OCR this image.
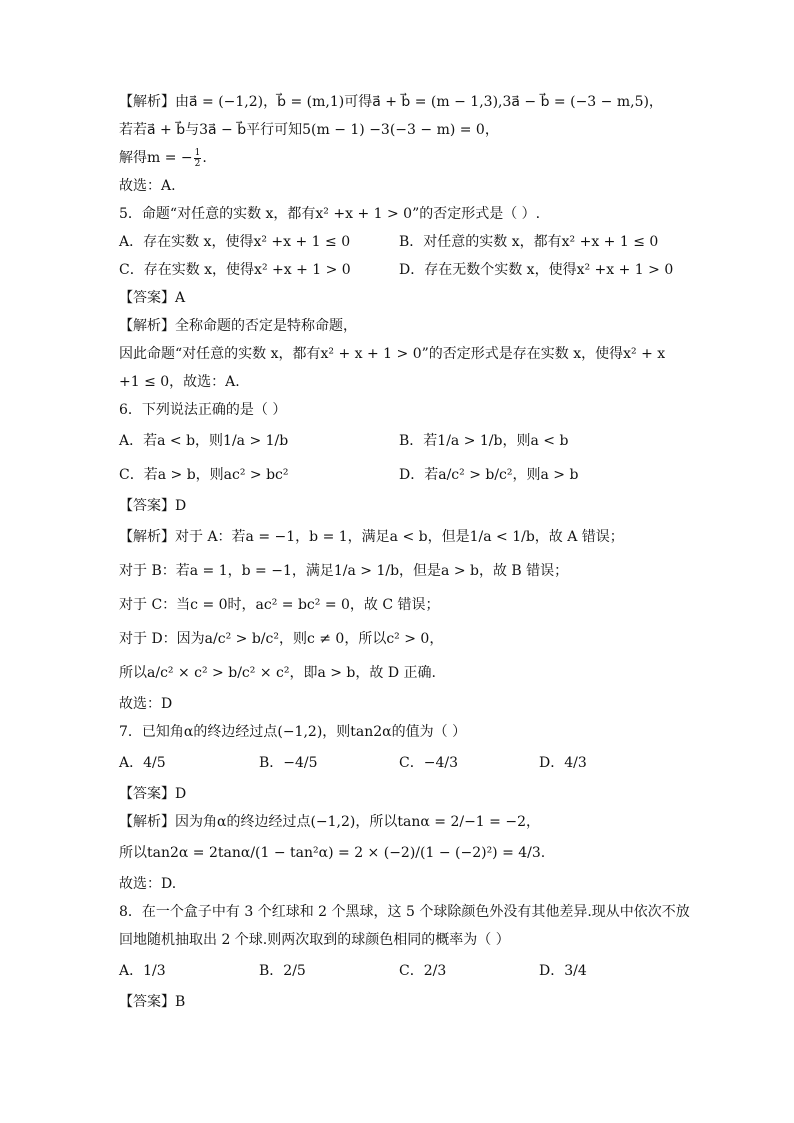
【解析】由a⃗ = (−1,2)，b⃗ = (m,1)可得a⃗ + b⃗ = (m − 1,3),3a⃗ − b⃗ = (−3 − m,5)，
若若a⃗ + b⃗与3a⃗ − b⃗平行可知5(m − 1) −3(−3 − m) = 0，
解得m = − $\frac{1}{2}$ .
故选：A.
5．命题“对任意的实数 x，都有x² +x + 1 > 0”的否定形式是（ ）.
A．存在实数 x，使得x² +x + 1 ≤ 0	B．对任意的实数 x，都有x² +x + 1 ≤ 0
C．存在实数 x，使得x² +x + 1 > 0	D．存在无数个实数 x，使得x² +x + 1 > 0
【答案】A
【解析】全称命题的否定是特称命题，
因此命题“对任意的实数 x，都有x² + x + 1 > 0”的否定形式是存在实数 x，使得x² + x
+1 ≤ 0，故选：A.
6．下列说法正确的是（ ）
A．若a < b，则1/a > 1/b	B．若1/a > 1/b，则a < b
C．若a > b，则ac² > bc²	D．若a/c² > b/c²，则a > b
【答案】D
【解析】对于 A：若a = −1，b = 1，满足a < b，但是1/a < 1/b，故 A 错误；
对于 B：若a = 1，b = −1，满足1/a > 1/b，但是a > b，故 B 错误；
对于 C：当c = 0时，ac² = bc² = 0，故 C 错误；
对于 D：因为a/c² > b/c²，则c ≠ 0，所以c² > 0，
所以a/c² × c² > b/c² × c²，即a > b，故 D 正确.
故选：D
7．已知角α的终边经过点(−1,2)，则tan2α的值为（ ）
A．4/5	B．−4/5	C．−4/3	D．4/3
【答案】D
【解析】因为角α的终边经过点(−1,2)，所以tanα = 2/−1 = −2，
所以tan2α = 2tanα/(1 − tan²α) = 2 × (−2)/(1 − (−2)²) = 4/3.
故选：D.
8．在一个盒子中有 3 个红球和 2 个黑球，这 5 个球除颜色外没有其他差异.现从中依次不放
回地随机抽取出 2 个球.则两次取到的球颜色相同的概率为（ ）
A．1/3	B．2/5	C．2/3	D．3/4
【答案】B
